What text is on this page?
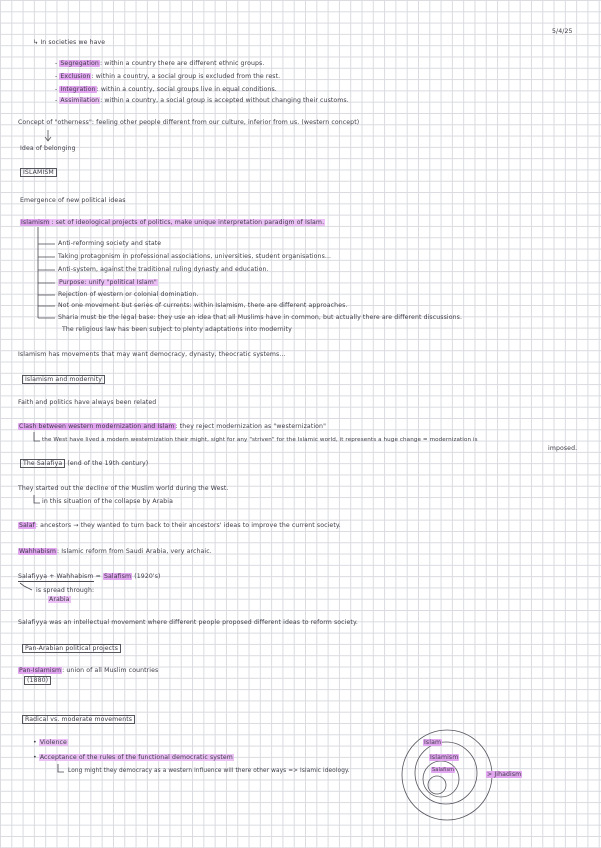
5/4/25
↳ In societies we have
- Segregation: within a country there are different ethnic groups.
- Exclusion: within a country, a social group is excluded from the rest.
- Integration: within a country, social groups live in equal conditions.
- Assimilation: within a country, a social group is accepted without changing their customs.
Concept of "otherness": feeling other people different from our culture, inferior from us. (western concept)
Idea of belonging
ISLAMISM
Emergence of new political ideas
Islamism : set of ideological projects of politics, make unique interpretation paradigm of Islam.
Anti-reforming society and state
Taking protagonism in professional associations, universities, student organisations...
Anti-system, against the traditional ruling dynasty and education.
Purpose: unify "political Islam"
Rejection of western or colonial domination.
Not one movement but series of currents: within Islamism, there are different approaches.
Sharia must be the legal base: they use an idea that all Muslims have in common, but actually there are different discussions.
The religious law has been subject to plenty adaptations into modernity
Islamism has movements that may want democracy, dynasty, theocratic systems...
Islamism and modernity
Faith and politics have always been related
Clash between western modernization and Islam: they reject modernization as "westernization"
the West have lived a modern westernization their might, sight for any "striven" for the Islamic world, it represents a huge change = modernization is
imposed.
The Salafiya (end of the 19th century)
They started out the decline of the Muslim world during the West.
in this situation of the collapse by Arabia
Salaf: ancestors → they wanted to turn back to their ancestors' ideas to improve the current society.
Wahhabism: Islamic reform from Saudi Arabia, very archaic.
Salafiyya + Wahhabism = Salafism (1920's)
is spread through:
Arabia
Salafiyya was an intellectual movement where different people proposed different ideas to reform society.
Pan-Arabian political projects
Pan-Islamism: union of all Muslim countries
(1880)
Radical vs. moderate movements
• Violence
• Acceptance of the rules of the functional democratic system
Long might they democracy as a western influence will there other ways => Islamic ideology.
Islam
Islamism
Salafism
> Jihadism
